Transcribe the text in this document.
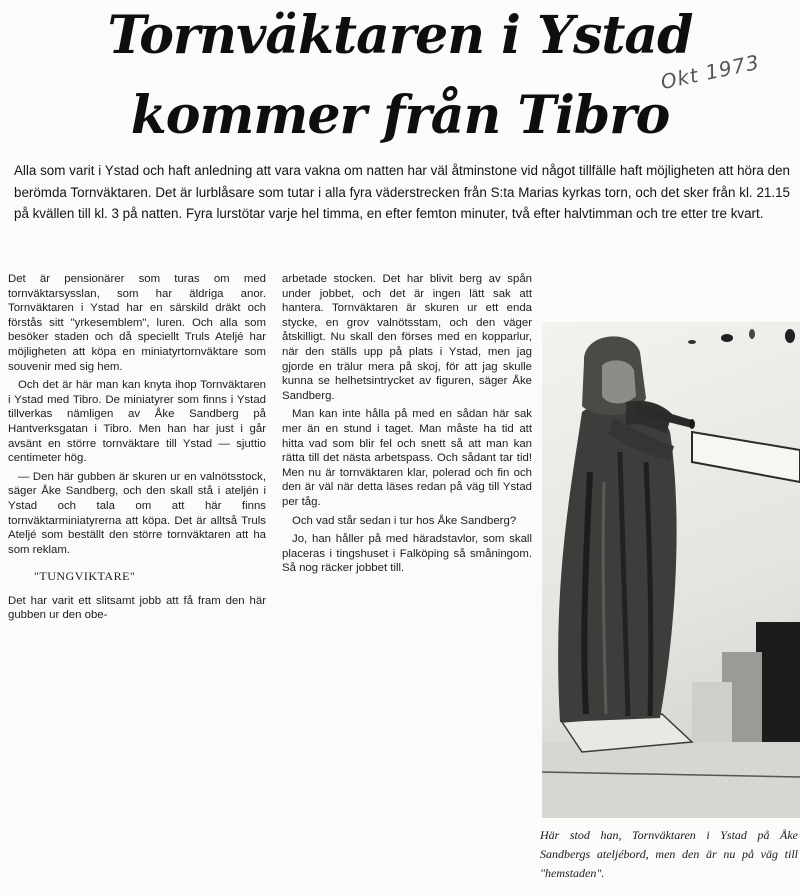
Tornväktaren i Ystad
kommer från Tibro
Okt 1973

Alla som varit i Ystad och haft anledning att vara vakna om natten har väl åtminstone vid något tillfälle haft möjligheten att höra den berömda Tornväktaren. Det är lurblåsare som tutar i alla fyra väderstrecken från S:ta Marias kyrkas torn, och det sker från kl. 21.15 på kvällen till kl. 3 på natten. Fyra lurstötar varje hel timma, en efter femton minuter, två efter halvtimman och tre etter tre kvart.

Det är pensionärer som turas om med tornväktarsysslan, som har äldriga anor. Tornväktaren i Ystad har en särskild dräkt och förstås sitt "yrkesemblem", luren. Och alla som besöker staden och då speciellt Truls Ateljé har möjligheten att köpa en miniatyrtornväktare som souvenir med sig hem.

Och det är här man kan knyta ihop Tornväktaren i Ystad med Tibro. De miniatyrer som finns i Ystad tillverkas nämligen av Åke Sandberg på Hantverksgatan i Tibro. Men han har just i går avsänt en större tornväktare till Ystad — sjuttio centimeter hög.

— Den här gubben är skuren ur en valnötsstock, säger Åke Sandberg, och den skall stå i ateljén i Ystad och tala om att här finns tornväktarminiatyrerna att köpa. Det är alltså Truls Ateljé som beställt den större tornväktaren att ha som reklam.

"TUNGVIKTARE"

Det har varit ett slitsamt jobb att få fram den här gubben ur den obe-

arbetade stocken. Det har blivit berg av spån under jobbet, och det är ingen lätt sak att hantera. Tornväktaren är skuren ur ett enda stycke, en grov valnötsstam, och den väger åtskilligt. Nu skall den förses med en kopparlur, när den ställs upp på plats i Ystad, men jag gjorde en trälur mera på skoj, för att jag skulle kunna se helhetsintrycket av figuren, säger Åke Sandberg.

Man kan inte hålla på med en sådan här sak mer än en stund i taget. Man måste ha tid att hitta vad som blir fel och snett så att man kan rätta till det nästa arbetspass. Och sådant tar tid! Men nu är tornväktaren klar, polerad och fin och den är väl när detta läses redan på väg till Ystad per tåg.

Och vad står sedan i tur hos Åke Sandberg?

Jo, han håller på med häradstavlor, som skall placeras i tingshuset i Falköping så småningom. Så nog räcker jobbet till.

Här stod han, Tornväktaren i Ystad på Åke Sandbergs ateljébord, men den är nu på väg till "hemstaden".
